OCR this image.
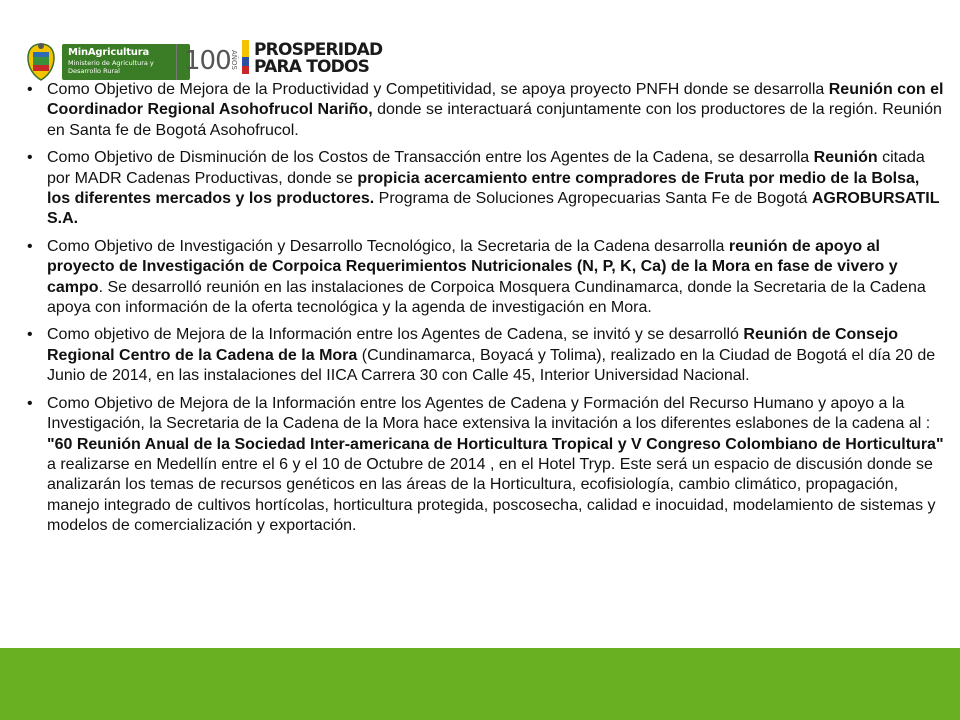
MinAgricultura
Ministerio de Agricultura y Desarrollo Rural	100 AÑOS PROSPERIDAD
PARA TODOS
• Como Objetivo de Mejora de la Productividad y Competitividad, se apoya proyecto PNFH donde se desarrolla Reunión con el Coordinador Regional Asohofrucol Nariño, donde se interactuará conjuntamente con los productores de la región. Reunión en Santa fe de Bogotá Asohofrucol.
• Como Objetivo de Disminución de los Costos de Transacción entre los Agentes de la Cadena, se desarrolla Reunión citada por MADR Cadenas Productivas, donde se propicia acercamiento entre compradores de Fruta por medio de la Bolsa, los diferentes mercados y los productores. Programa de Soluciones Agropecuarias Santa Fe de Bogotá AGROBURSATIL S.A.
• Como Objetivo de Investigación y Desarrollo Tecnológico, la Secretaria de la Cadena desarrolla reunión de apoyo al proyecto de Investigación de Corpoica Requerimientos Nutricionales (N, P, K, Ca) de la Mora en fase de vivero y campo. Se desarrolló reunión en las instalaciones de Corpoica Mosquera Cundinamarca, donde la Secretaria de la Cadena apoya con información de la oferta tecnológica y la agenda de investigación en Mora.
• Como objetivo de Mejora de la Información entre los Agentes de Cadena, se invitó y se desarrolló Reunión de Consejo Regional Centro de la Cadena de la Mora (Cundinamarca, Boyacá y Tolima), realizado en la Ciudad de Bogotá el día 20 de Junio de 2014, en las instalaciones del IICA Carrera 30 con Calle 45, Interior Universidad Nacional.
• Como Objetivo de Mejora de la Información entre los Agentes de Cadena y Formación del Recurso Humano y apoyo a la Investigación, la Secretaria de la Cadena de la Mora hace extensiva la invitación a los diferentes eslabones de la cadena al : "60 Reunión Anual de la Sociedad Inter-americana de Horticultura Tropical y V Congreso Colombiano de Horticultura" a realizarse en Medellín entre el 6 y el 10 de Octubre de 2014 , en el Hotel Tryp. Este será un espacio de discusión donde se analizarán los temas de recursos genéticos en las áreas de la Horticultura, ecofisiología, cambio climático, propagación, manejo integrado de cultivos hortícolas, horticultura protegida, poscosecha, calidad e inocuidad, modelamiento de sistemas y modelos de comercialización y exportación.
